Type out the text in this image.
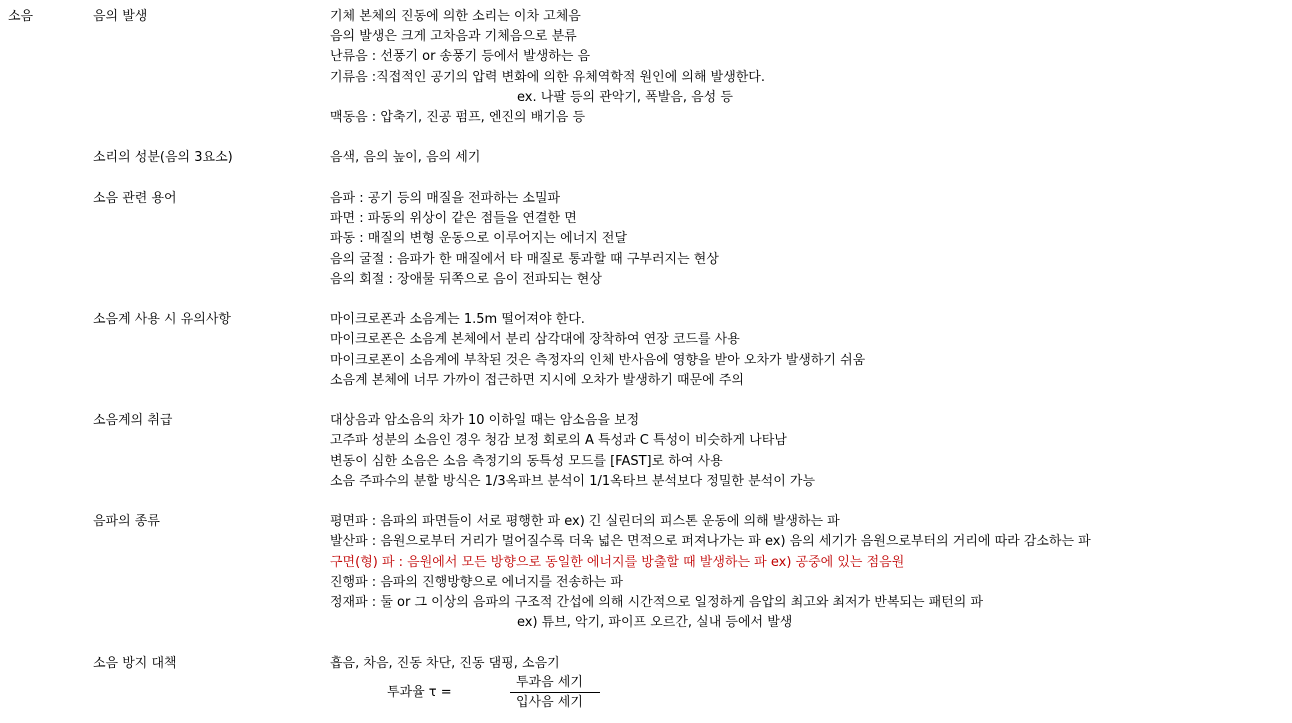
소음	음의 발생	기체 본체의 진동에 의한 소리는 이차 고체음
음의 발생은 크게 고차음과 기체음으로 분류
난류음 : 선풍기 or 송풍기 등에서 발생하는 음
기류음 :직접적인 공기의 압력 변화에 의한 유체역학적 원인에 의해 발생한다.
ex. 나팔 등의 관악기, 폭발음, 음성 등
맥동음 : 압축기, 진공 펌프, 엔진의 배기음 등
소리의 성분(음의 3요소)	음색, 음의 높이, 음의 세기
소음 관련 용어	음파 : 공기 등의 매질을 전파하는 소밀파
파면 : 파동의 위상이 같은 점들을 연결한 면
파동 : 매질의 변형 운동으로 이루어지는 에너지 전달
음의 굴절 : 음파가 한 매질에서 타 매질로 통과할 때 구부러지는 현상
음의 회절 : 장애물 뒤쪽으로 음이 전파되는 현상
소음계 사용 시 유의사항	마이크로폰과 소음계는 1.5m 떨어져야 한다.
마이크로폰은 소음계 본체에서 분리 삼각대에 장착하여 연장 코드를 사용
마이크로폰이 소음계에 부착된 것은 측정자의 인체 반사음에 영향을 받아 오차가 발생하기 쉬움
소음계 본체에 너무 가까이 접근하면 지시에 오차가 발생하기 때문에 주의
소음계의 취급	대상음과 암소음의 차가 10 이하일 때는 암소음을 보정
고주파 성분의 소음인 경우 청감 보정 회로의 A 특성과 C 특성이 비슷하게 나타남
변동이 심한 소음은 소음 측정기의 동특성 모드를 [FAST]로 하여 사용
소음 주파수의 분할 방식은 1/3옥파브 분석이 1/1옥타브 분석보다 정밀한 분석이 가능
음파의 종류	평면파 : 음파의 파면들이 서로 평행한 파 ex) 긴 실린더의 피스톤 운동에 의해 발생하는 파
발산파 : 음원으로부터 거리가 멀어질수록 더욱 넓은 면적으로 퍼져나가는 파 ex) 음의 세기가 음원으로부터의 거리에 따라 감소하는 파
구면(형) 파 : 음원에서 모든 방향으로 동일한 에너지를 방출할 때 발생하는 파 ex) 공중에 있는 점음원
진행파 : 음파의 진행방향으로 에너지를 전송하는 파
정재파 : 둘 or 그 이상의 음파의 구조적 간섭에 의해 시간적으로 일정하게 음압의 최고와 최저가 반복되는 패턴의 파
ex) 튜브, 악기, 파이프 오르간, 실내 등에서 발생
소음 방지 대책	흡음, 차음, 진동 차단, 진동 댐핑, 소음기
투과율 τ =
투과음 세기
입사음 세기
